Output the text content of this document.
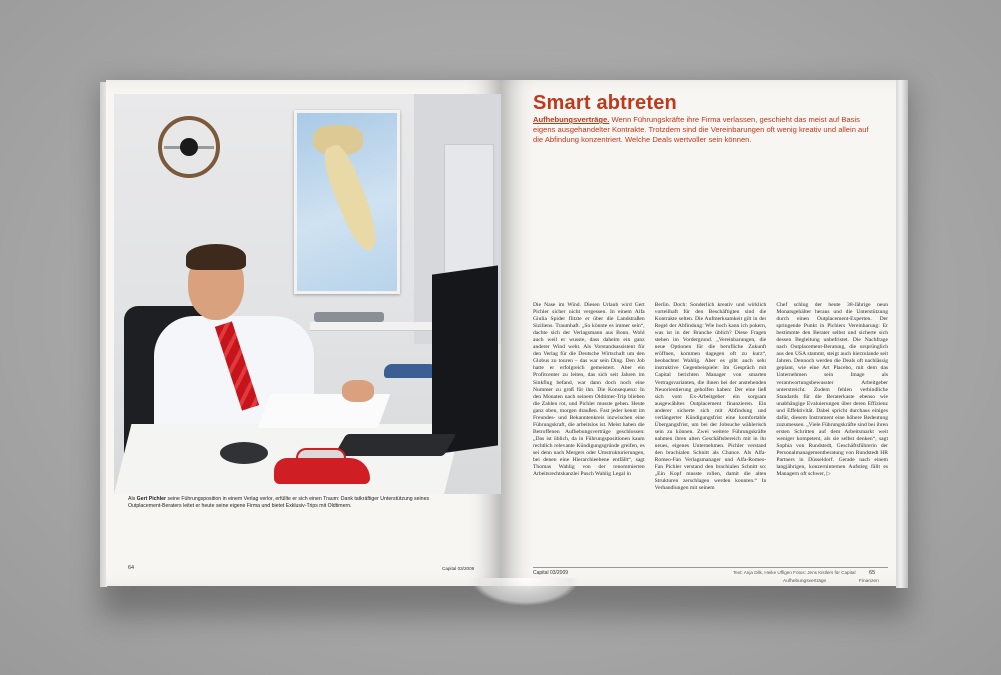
Als Gert Pichler seine Führungsposition in einem Verlag verlor, erfüllte er sich einen Traum: Dank tatkräftiger Unterstützung seines Outplacement-Beraters leitet er heute seine eigene Firma und bietet Exklusiv-Trips mit Oldtimern.
64	Capital 03/2009
Smart abtreten
Aufhebungsverträge. Wenn Führungskräfte ihre Firma verlassen, geschieht das meist auf Basis eigens ausgehandelter Kontrakte. Trotzdem sind die Vereinbarungen oft wenig kreativ und allein auf die Abfindung konzentriert. Welche Deals wertvoller sein können.
Die Nase im Wind. Diesen Urlaub wird Gert Pichler sicher nicht vergessen. In einem Alfa Giulia Spider flitzte er über die Landstraßen Siziliens. Traumhaft. „So könnte es immer sein“, dachte sich der Verlagsmann aus Bonn. Wohl auch weil er wusste, dass daheim ein ganz anderer Wind weht. Als Vorstandsassistent für den Verlag für die Deutsche Wirtschaft um den Globus zu touren – das war sein Ding. Den Job hatte er erfolgreich gemeistert. Aber ein Profitcenter zu leiten, das sich seit Jahren im Sinkflug befand, war dann doch noch eine Nummer zu groß für ihn. Die Konsequenz: In den Monaten nach seinem Oldtimer-Trip blieben die Zahlen rot, und Pichler musste gehen. Heute ganz oben, morgen draußen. Fast jeder kennt im Freundes- und Bekanntenkreis inzwischen eine Führungskraft, die arbeitslos ist. Meist haben die Betroffenen Aufhebungsverträge geschlossen: „Das ist üblich, da in Führungspositionen kaum rechtlich relevante Kündigungsgründe greifen, es sei denn nach Mergers oder Umstrukturierungen, bei denen eine Hierarchieebene entfällt“, sagt Thomas Wahlig von der renommierten Arbeitsrechtskanzlei Pusch Wahlig Legal in
Berlin. Doch: Sonderlich kreativ und wirklich vorteilhaft für den Beschäftigten sind die Kontrakte selten. Die Aufmerksamkeit gilt in der Regel der Abfindung: Wie hoch kann ich pokern, was ist in der Branche üblich? Diese Fragen stehen im Vordergrund. „Vereinbarungen, die neue Optionen für die berufliche Zukunft eröffnen, kommen dagegen oft zu kurz“, beobachtet Wahlig. Aber es gibt auch sehr instruktive Gegenbeispiele: Im Gespräch mit Capital berichten Manager von smarten Vertragsvarianten, die ihnen bei der anstehenden Neuorientierung geholfen haben: Der eine ließ sich vom Ex-Arbeitgeber ein sorgsam ausgewähltes Outplacement finanzieren. Ein anderer sicherte sich mit Abfindung und verlängerter Kündigungsfrist eine komfortable Übergangsfrist, um bei der Jobsuche wählerisch sein zu können. Zwei weitere Führungskräfte nahmen ihren alten Geschäftsbereich mit in ihr neues, eigenes Unternehmen. Pichler verstand den brachialen Schnitt als Chance. Als Alfa-Romeo-Fan Verlagsmanager und Alfa-Romeo-Fan Pichler verstand den brachialen Schnitt so: „Ein Kopf musste rollen, damit die alten Strukturen zerschlagen werden konnten.“ In Verhandlungen mit seinem
Chef schlug der heute 38-Jährige neun Monatsgehälter heraus und die Unterstützung durch einen Outplacement-Experten. Der springende Punkt in Pichlers Vereinbarung: Er bestimmte den Berater selbst und sicherte sich dessen Begleitung unbefristet. Die Nachfrage nach Outplacement-Beratung, die ursprünglich aus den USA stammt, steigt auch hierzulande seit Jahren. Dennoch werden die Deals oft nachlässig geplant, wie eine Art Placebo, mit dem das Unternehmen sein Image als verantwortungsbewusster Arbeitgeber unterstreicht. Zudem fehlen verbindliche Standards für die Beraterkaste ebenso wie unabhängige Evaluierungen über deren Effizienz und Effektivität. Dabei spricht durchaus einiges dafür, diesem Instrument eine höhere Bedeutung zuzumessen. „Viele Führungskräfte sind bei ihren ersten Schritten auf dem Arbeitsmarkt weit weniger kompetent, als sie selbst denken“, sagt Sophia von Rundstedt, Geschäftsführerin der Personalmanagementberatung von Rundstedt HR Partners in Düsseldorf. Gerade nach einem langjährigen, konzerninternen Aufstieg fällt es Managern oft schwer, ▷
Capital 03/2009	Text: Anja Dilk, Heike Uffigen Fotos: Jens Kistlers für Capital 65
Aufhebungsverträge	Finanzen
